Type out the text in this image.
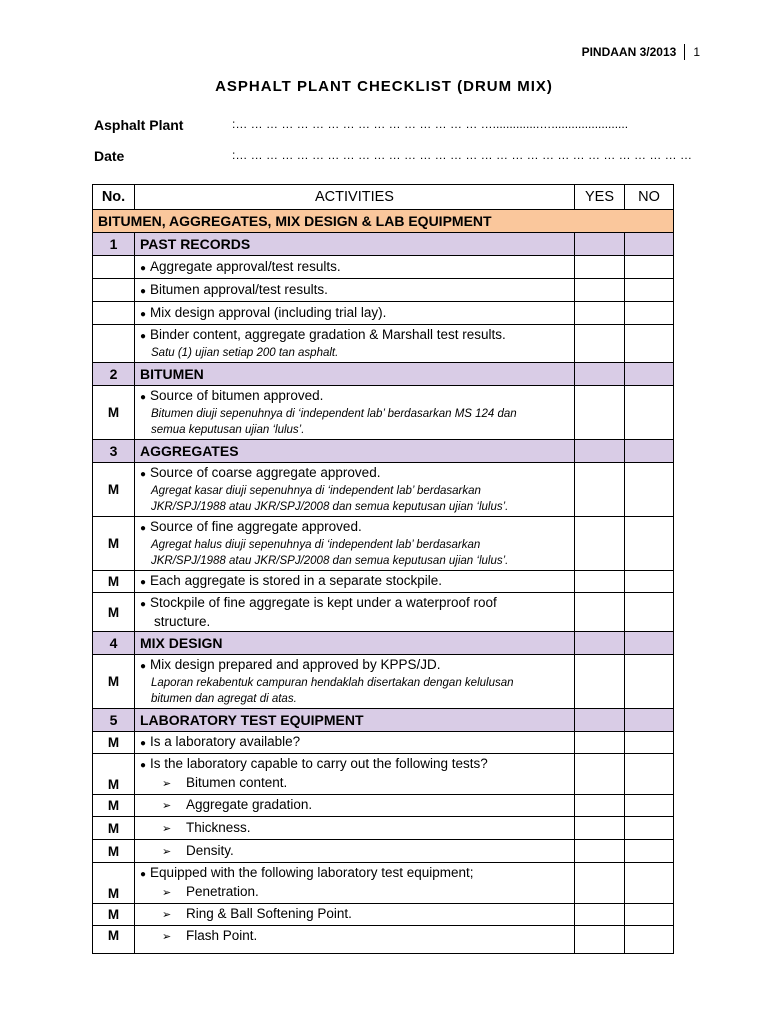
PINDAAN 3/2013	1
ASPHALT PLANT CHECKLIST (DRUM MIX)
Asphalt Plant	:… … … … … … … … … … … … … … … … …..............….......................
Date	:… … … … … … … … … … … … … … … … … … … … … … … … … … … … … …
No.	ACTIVITIES	YES	NO
BITUMEN, AGGREGATES, MIX DESIGN & LAB EQUIPMENT			
1	PAST RECORDS		
	● Aggregate approval/test results.		
	● Bitumen approval/test results.		
	● Mix design approval (including trial lay).		

	● Binder content, aggregate gradation & Marshall test results.
Satu (1) ujian setiap 200 tan asphalt.

2	BITUMEN		
M	● Source of bitumen approved.
Bitumen diuji sepenuhnya di ‘independent lab’ berdasarkan MS 124 dan
semua keputusan ujian ‘lulus’.

3	AGGREGATES		
M	● Source of coarse aggregate approved.
Agregat kasar diuji sepenuhnya di ‘independent lab’ berdasarkan
JKR/SPJ/1988 atau JKR/SPJ/2008 dan semua keputusan ujian ‘lulus’.

M	● Source of fine aggregate approved.
Agregat halus diuji sepenuhnya di ‘independent lab’ berdasarkan
JKR/SPJ/1988 atau JKR/SPJ/2008 dan semua keputusan ujian ‘lulus’.

M	● Each aggregate is stored in a separate stockpile.		
M	● Stockpile of fine aggregate is kept under a waterproof roof
structure.

4	MIX DESIGN		
M	● Mix design prepared and approved by KPPS/JD.
Laporan rekabentuk campuran hendaklah disertakan dengan kelulusan
bitumen dan agregat di atas.

5	LABORATORY TEST EQUIPMENT		
M	● Is a laboratory available?		
M	● Is the laboratory capable to carry out the following tests?
➢ Bitumen content.

M	➢ Aggregate gradation.		

M	➢ Thickness.		

M	➢ Density.		

M	● Equipped with the following laboratory test equipment;
➢ Penetration.

M	➢ Ring & Ball Softening Point.		

M	➢ Flash Point.		
